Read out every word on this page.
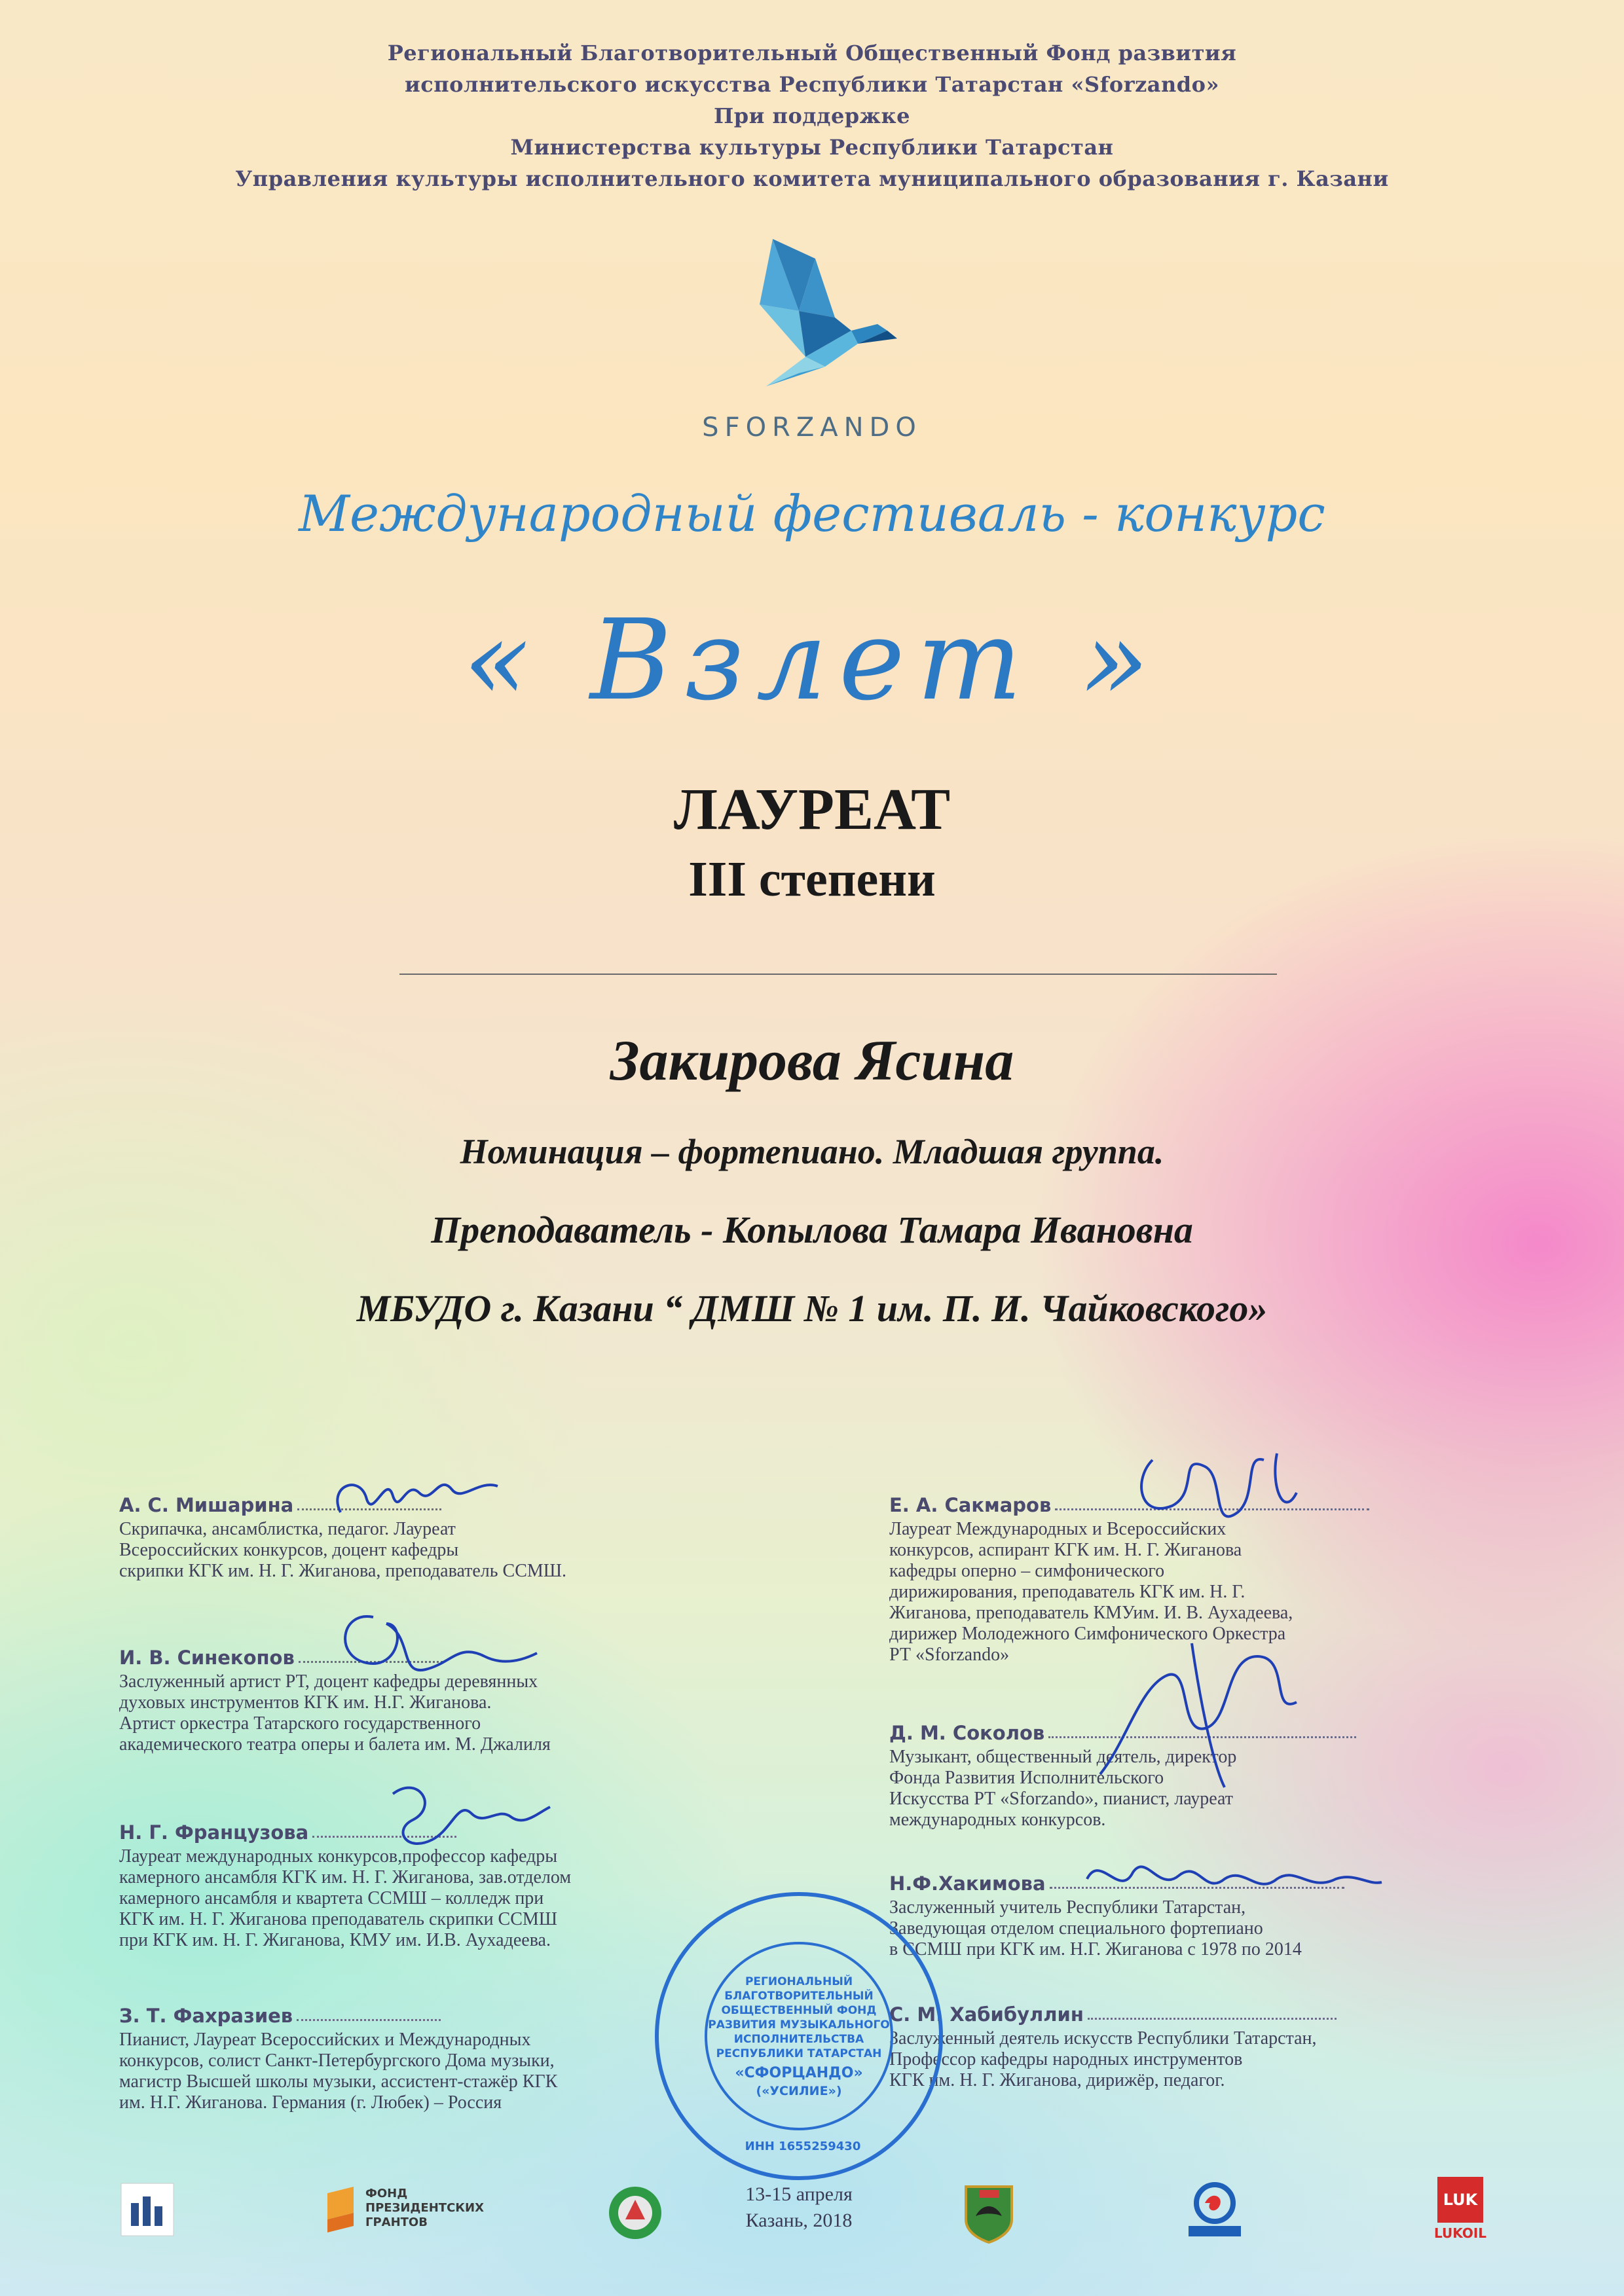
Региональный Благотворительный Общественный Фонд развития
исполнительского искусства Республики Татарстан «Sforzando»
При поддержке
Министерства культуры Республики Татарстан
Управления культуры исполнительного комитета муниципального образования г. Казани
SFORZANDO
Международный фестиваль - конкурс
« Взлет »
ЛАУРЕАТ
III степени
Закирова Ясина
Номинация – фортепиано. Младшая группа.
Преподаватель - Копылова Тамара Ивановна
МБУДО г. Казани “ ДМШ № 1 им. П. И. Чайковского»
А. С. Мишарина
Скрипачка, ансамблистка, педагог. Лауреат
Всероссийских конкурсов, доцент кафедры
скрипки КГК им. Н. Г. Жиганова, преподаватель ССМШ.
И. В. Синекопов
Заслуженный артист РТ, доцент кафедры деревянных
духовых инструментов КГК им. Н.Г. Жиганова.
Артист оркестра Татарского государственного
академического театра оперы и балета им. М. Джалиля
Н. Г. Французова
Лауреат международных конкурсов,профессор кафедры
камерного ансамбля КГК им. Н. Г. Жиганова, зав.отделом
камерного ансамбля и квартета ССМШ – колледж при
КГК им. Н. Г. Жиганова преподаватель скрипки ССМШ
при КГК им. Н. Г. Жиганова, КМУ им. И.В. Аухадеева.
З. Т. Фахразиев
Пианист, Лауреат Всероссийских и Международных
конкурсов, солист Санкт-Петербургского Дома музыки,
магистр Высшей школы музыки, ассистент-стажёр КГК
им. Н.Г. Жиганова. Германия (г. Любек) – Россия
Е. А. Сакмаров
Лауреат Международных и Всероссийских
конкурсов, аспирант КГК им. Н. Г. Жиганова
кафедры оперно – симфонического
дирижирования, преподаватель КГК им. Н. Г.
Жиганова, преподаватель КМУим. И. В. Аухадеева,
дирижер Молодежного Симфонического Оркестра
РТ «Sforzando»
Д. М. Соколов
Музыкант, общественный деятель, директор
Фонда Развития Исполнительского
Искусства РТ «Sforzando», пианист, лауреат
международных конкурсов.
Н.Ф.Хакимова
Заслуженный учитель Республики Татарстан,
Заведующая отделом специального фортепиано
в ССМШ при КГК им. Н.Г. Жиганова с 1978 по 2014
С. М. Хабибуллин
Заслуженный деятель искусств Республики Татарстан,
Профессор кафедры народных инструментов
КГК им. Н. Г. Жиганова, дирижёр, педагог.
РЕГИОНАЛЬНЫЙ
БЛАГОТВОРИТЕЛЬНЫЙ
ОБЩЕСТВЕННЫЙ ФОНД
РАЗВИТИЯ МУЗЫКАЛЬНОГО
ИСПОЛНИТЕЛЬСТВА
РЕСПУБЛИКИ ТАТАРСТАН
«СФОРЦАНДО»
(«УСИЛИЕ»)
ИНН 1655259430
13-15 апреля
Казань, 2018
ФОНД
ПРЕЗИДЕНТСКИХ
ГРАНТОВ
LUK
LUKOIL
